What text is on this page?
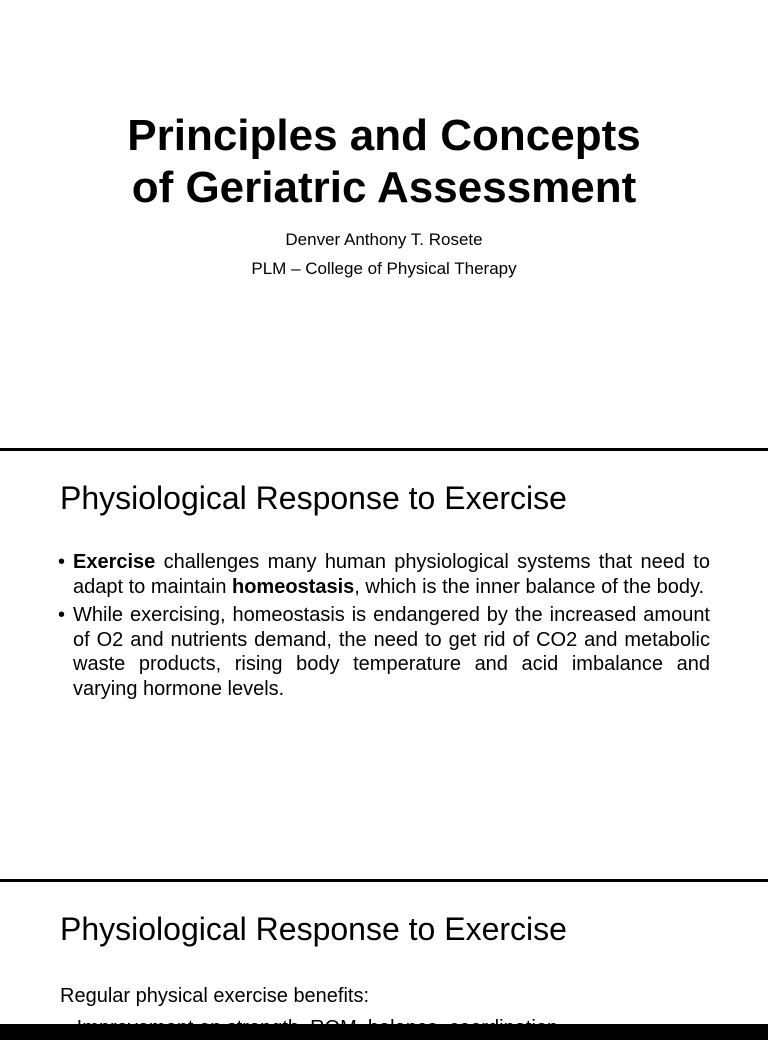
Principles and Concepts
of Geriatric Assessment
Denver Anthony T. Rosete
PLM – College of Physical Therapy
Physiological Response to Exercise
• Exercise challenges many human physiological systems that need to adapt to maintain homeostasis, which is the inner balance of the body.
• While exercising, homeostasis is endangered by the increased amount of O2 and nutrients demand, the need to get rid of CO2 and metabolic waste products, rising body temperature and acid imbalance and varying hormone levels.
Physiological Response to Exercise
Regular physical exercise benefits:
– Improvement on strength, ROM, balance, coordination
